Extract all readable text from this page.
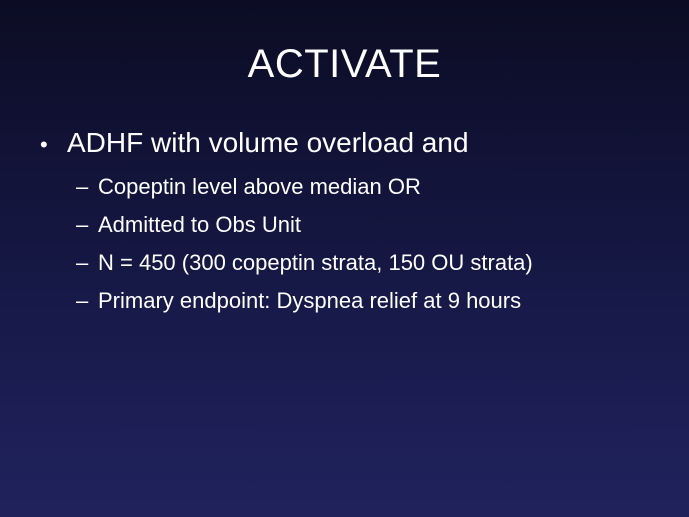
ACTIVATE
• ADHF with volume overload and
– Copeptin level above median OR
– Admitted to Obs Unit
– N = 450 (300 copeptin strata, 150 OU strata)
– Primary endpoint: Dyspnea relief at 9 hours
